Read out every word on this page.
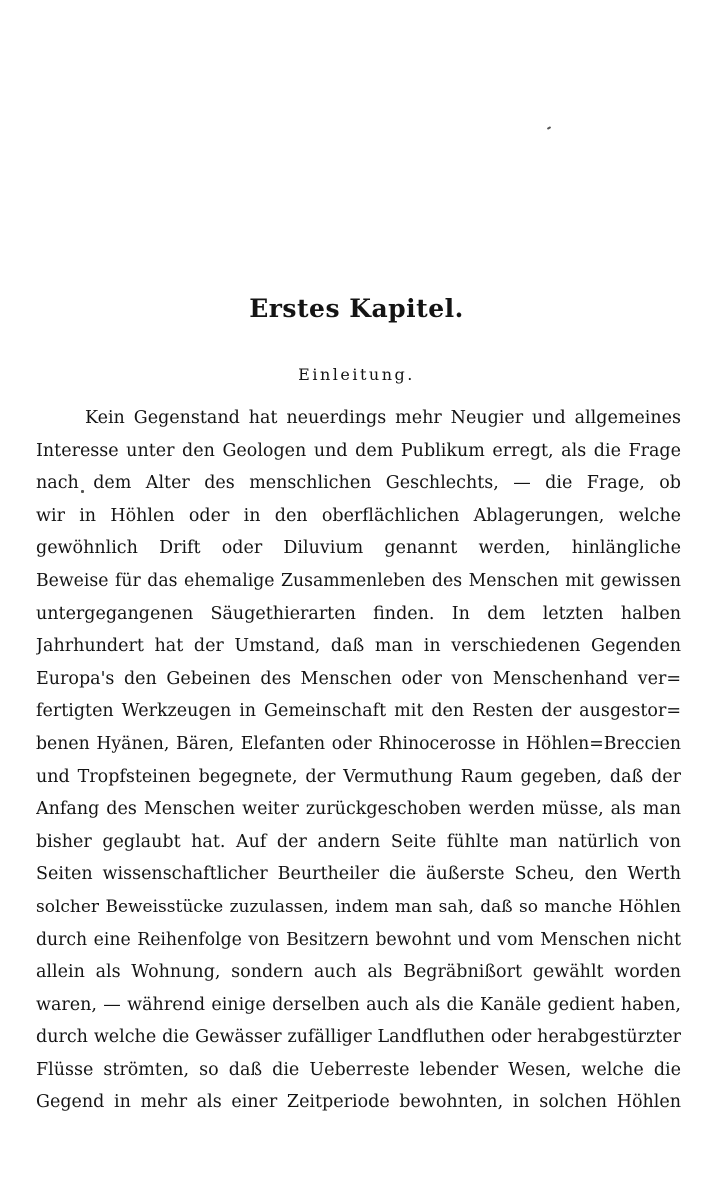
Erstes Kapitel.
Einleitung.
Kein Gegenstand hat neuerdings mehr Neugier und allgemeines
Interesse unter den Geologen und dem Publikum erregt, als die Frage
nach dem Alter des menschlichen Geschlechts, — die Frage, ob
wir in Höhlen oder in den oberflächlichen Ablagerungen, welche
gewöhnlich Drift oder Diluvium genannt werden, hinlängliche
Beweise für das ehemalige Zusammenleben des Menschen mit gewissen
untergegangenen Säugethierarten finden. In dem letzten halben
Jahrhundert hat der Umstand, daß man in verschiedenen Gegenden
Europa's den Gebeinen des Menschen oder von Menschenhand ver=
fertigten Werkzeugen in Gemeinschaft mit den Resten der ausgestor=
benen Hyänen, Bären, Elefanten oder Rhinocerosse in Höhlen=Breccien
und Tropfsteinen begegnete, der Vermuthung Raum gegeben, daß der
Anfang des Menschen weiter zurückgeschoben werden müsse, als man
bisher geglaubt hat. Auf der andern Seite fühlte man natürlich von
Seiten wissenschaftlicher Beurtheiler die äußerste Scheu, den Werth
solcher Beweisstücke zuzulassen, indem man sah, daß so manche Höhlen
durch eine Reihenfolge von Besitzern bewohnt und vom Menschen nicht
allein als Wohnung, sondern auch als Begräbnißort gewählt worden
waren, — während einige derselben auch als die Kanäle gedient haben,
durch welche die Gewässer zufälliger Landfluthen oder herabgestürzter
Flüsse strömten, so daß die Ueberreste lebender Wesen, welche die
Gegend in mehr als einer Zeitperiode bewohnten, in solchen Höhlen
